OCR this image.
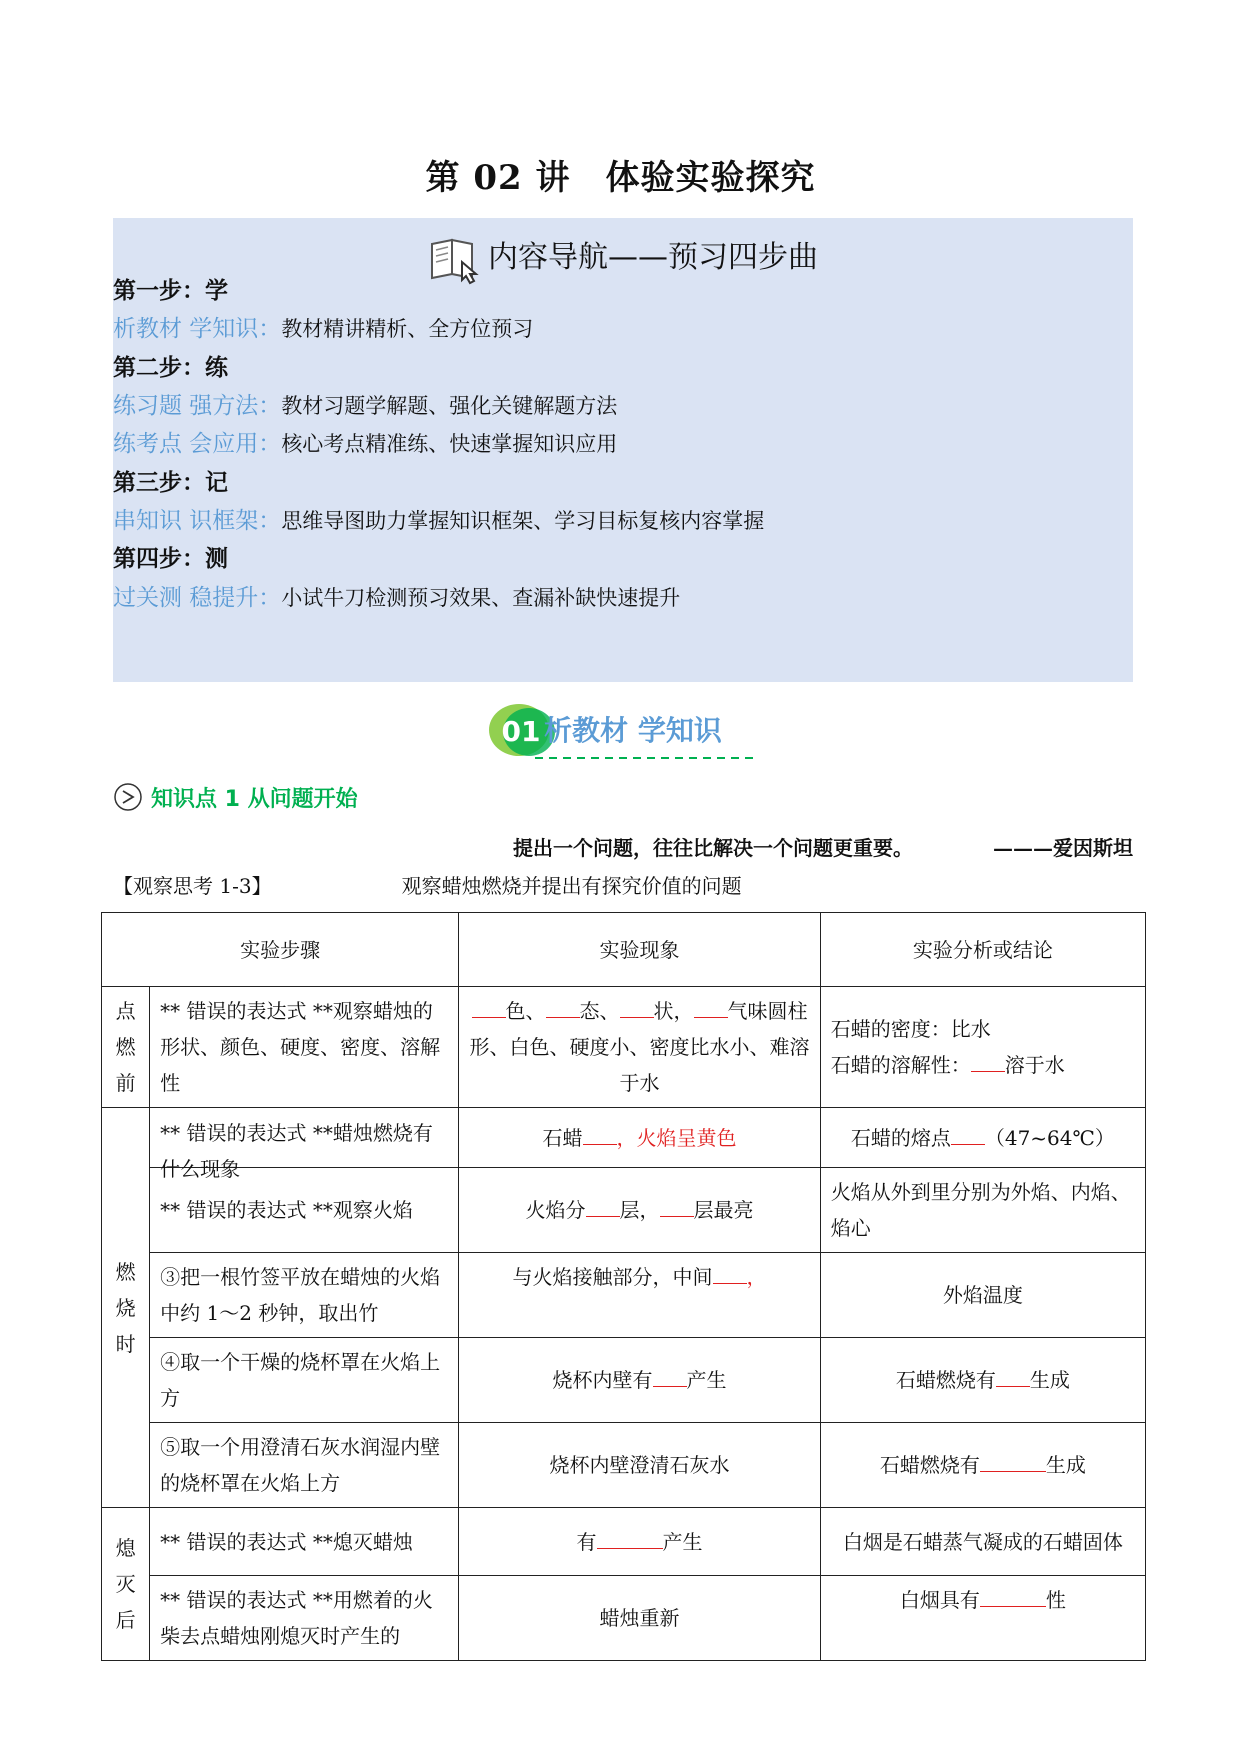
第 02 讲　体验实验探究
内容导航——预习四步曲
第一步：学
析教材 学知识：教材精讲精析、全方位预习
第二步：练
练习题 强方法：教材习题学解题、强化关键解题方法
练考点 会应用：核心考点精准练、快速掌握知识应用
第三步：记
串知识 识框架：思维导图助力掌握知识框架、学习目标复核内容掌握
第四步：测
过关测 稳提升：小试牛刀检测预习效果、查漏补缺快速提升
01 析教材 学知识
知识点 1 从问题开始
提出一个问题，往往比解决一个问题更重要。	———爱因斯坦
【观察思考 1-3】	观察蜡烛燃烧并提出有探究价值的问题
实验步骤		实验现象	实验分析或结论
点燃前	** 错误的表达式 **观察蜡烛的形状、颜色、硬度、密度、溶解性	色、 态、 状， 气味圆柱形、白色、硬度小、密度比水小、难溶于水	石蜡的密度：比水
石蜡的溶解性： 溶于水

燃烧时	** 错误的表达式 **蜡烛燃烧有什么现象	石蜡 ，火焰呈黄色	石蜡的熔点 （47~64℃）
	** 错误的表达式 **观察火焰	火焰分 层， 层最亮	火焰从外到里分别为外焰、内焰、焰心

	③把一根竹签平放在蜡烛的火焰中约 1～2 秒钟，取出竹	与火焰接触部分，中间 ，	外焰温度
	④取一个干燥的烧杯罩在火焰上方	烧杯内壁有 产生	石蜡燃烧有 生成
	⑤取一个用澄清石灰水润湿内壁的烧杯罩在火焰上方	烧杯内壁澄清石灰水	石蜡燃烧有 生成
熄灭后	** 错误的表达式 **熄灭蜡烛	有 产生	白烟是石蜡蒸气凝成的石蜡固体

	** 错误的表达式 **用燃着的火柴去点蜡烛刚熄灭时产生的	蜡烛重新	白烟具有 性
